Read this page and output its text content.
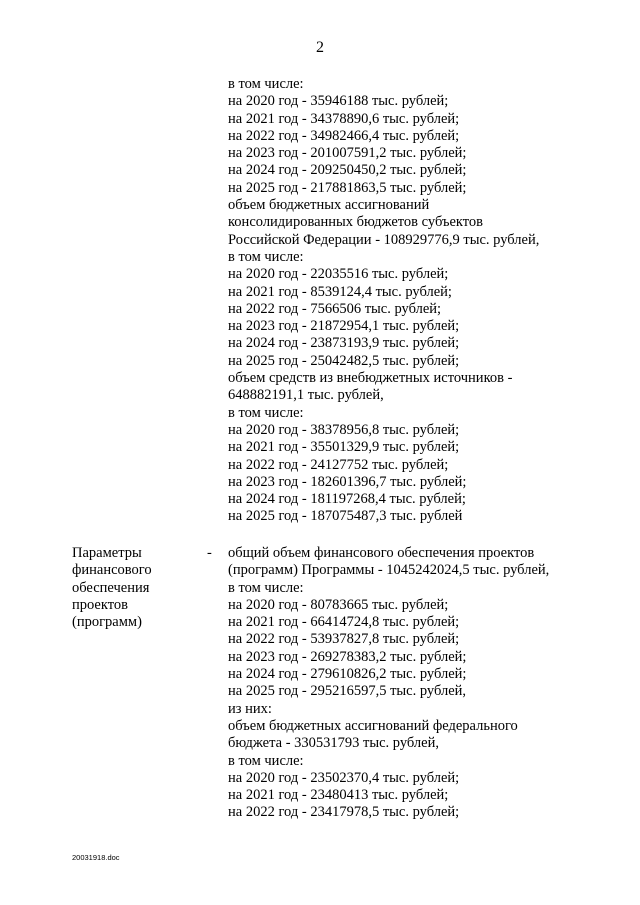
2
в том числе:
на 2020 год - 35946188 тыс. рублей;
на 2021 год - 34378890,6 тыс. рублей;
на 2022 год - 34982466,4 тыс. рублей;
на 2023 год - 201007591,2 тыс. рублей;
на 2024 год - 209250450,2 тыс. рублей;
на 2025 год - 217881863,5 тыс. рублей;
объем бюджетных ассигнований
консолидированных бюджетов субъектов
Российской Федерации - 108929776,9 тыс. рублей,
в том числе:
на 2020 год - 22035516 тыс. рублей;
на 2021 год - 8539124,4 тыс. рублей;
на 2022 год - 7566506 тыс. рублей;
на 2023 год - 21872954,1 тыс. рублей;
на 2024 год - 23873193,9 тыс. рублей;
на 2025 год - 25042482,5 тыс. рублей;
объем средств из внебюджетных источников -
648882191,1 тыс. рублей,
в том числе:
на 2020 год - 38378956,8 тыс. рублей;
на 2021 год - 35501329,9 тыс. рублей;
на 2022 год - 24127752 тыс. рублей;
на 2023 год - 182601396,7 тыс. рублей;
на 2024 год - 181197268,4 тыс. рублей;
на 2025 год - 187075487,3 тыс. рублей
Параметры
финансового
обеспечения
проектов
(программ)
- общий объем финансового обеспечения проектов
(программ) Программы - 1045242024,5 тыс. рублей,
в том числе:
на 2020 год - 80783665 тыс. рублей;
на 2021 год - 66414724,8 тыс. рублей;
на 2022 год - 53937827,8 тыс. рублей;
на 2023 год - 269278383,2 тыс. рублей;
на 2024 год - 279610826,2 тыс. рублей;
на 2025 год - 295216597,5 тыс. рублей,
из них:
объем бюджетных ассигнований федерального
бюджета - 330531793 тыс. рублей,
в том числе:
на 2020 год - 23502370,4 тыс. рублей;
на 2021 год - 23480413 тыс. рублей;
на 2022 год - 23417978,5 тыс. рублей;
20031918.doc
